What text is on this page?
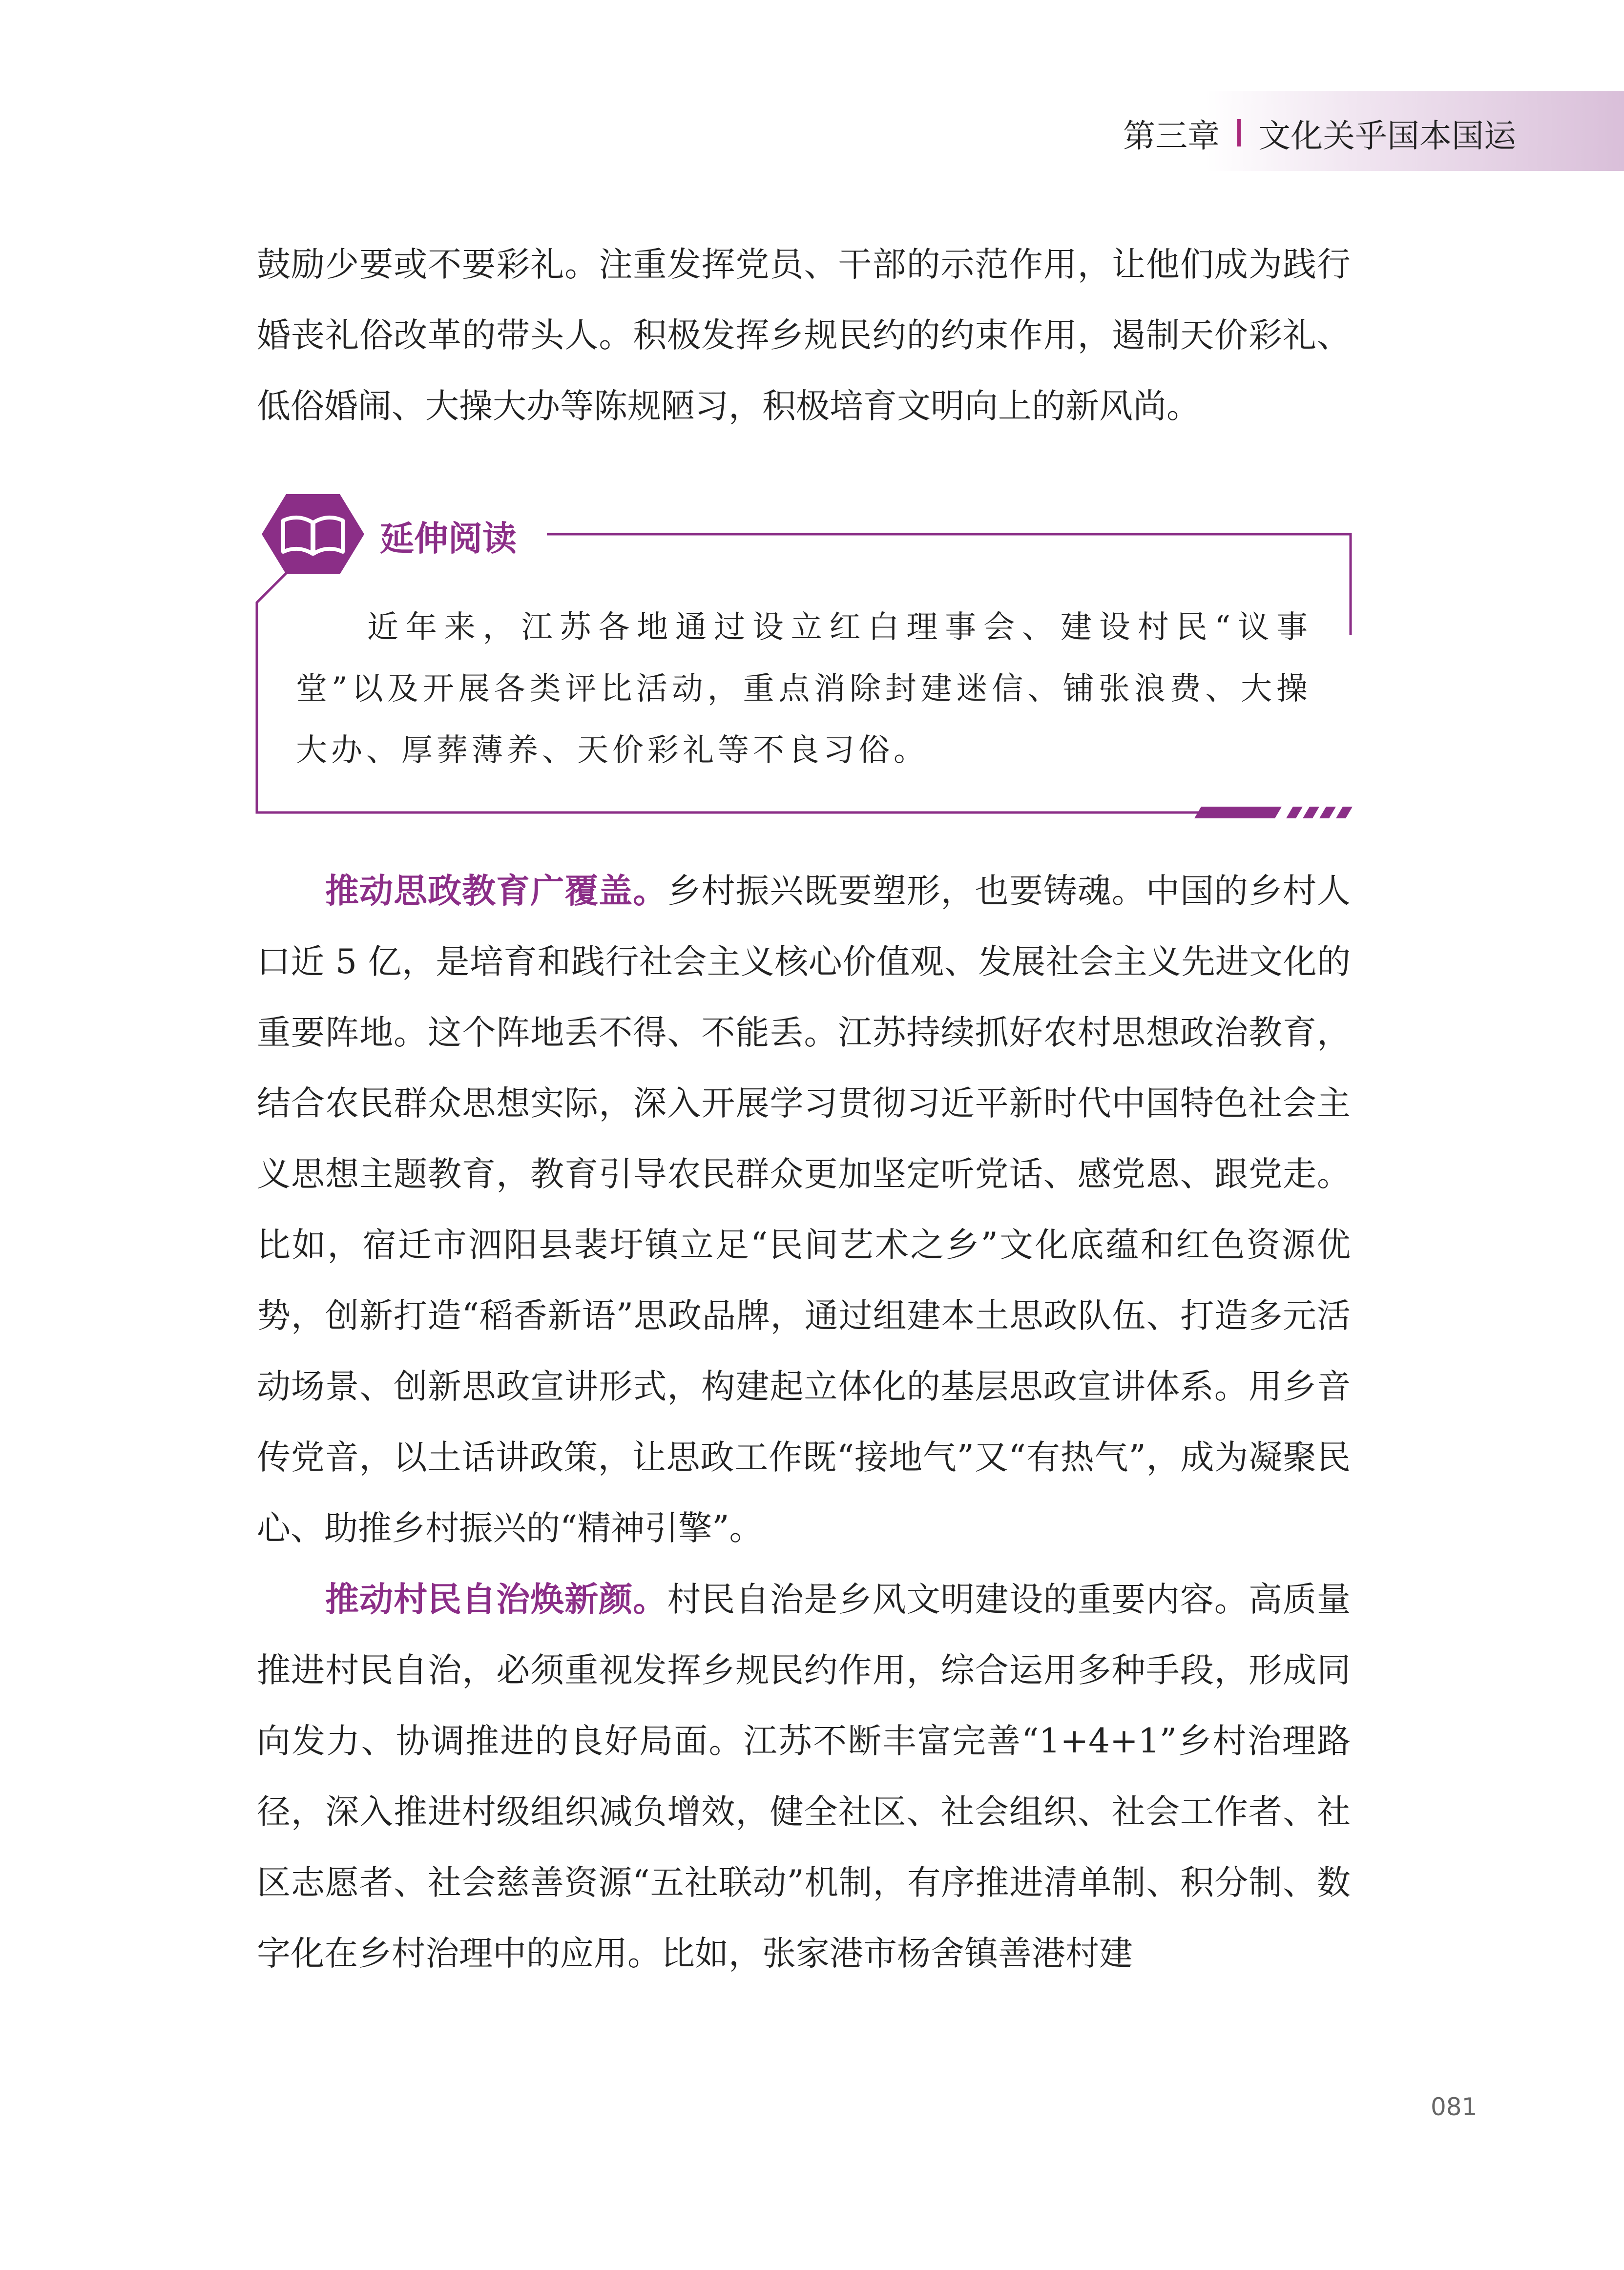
第三章 文化关乎国本国运

鼓励少要或不要彩礼。注重发挥党员、干部的示范作用，让他们成为践行婚丧礼俗改革的带头人。积极发挥乡规民约的约束作用，遏制天价彩礼、低俗婚闹、大操大办等陈规陋习，积极培育文明向上的新风尚。

延伸阅读

近年来，江苏各地通过设立红白理事会、建设村民“议事堂”以及开展各类评比活动，重点消除封建迷信、铺张浪费、大操大办、厚葬薄养、天价彩礼等不良习俗。

推动思政教育广覆盖。乡村振兴既要塑形，也要铸魂。中国的乡村人口近 5 亿，是培育和践行社会主义核心价值观、发展社会主义先进文化的重要阵地。这个阵地丢不得、不能丢。江苏持续抓好农村思想政治教育，结合农民群众思想实际，深入开展学习贯彻习近平新时代中国特色社会主义思想主题教育，教育引导农民群众更加坚定听党话、感党恩、跟党走。比如，宿迁市泗阳县裴圩镇立足“民间艺术之乡”文化底蕴和红色资源优势，创新打造“稻香新语”思政品牌，通过组建本土思政队伍、打造多元活动场景、创新思政宣讲形式，构建起立体化的基层思政宣讲体系。用乡音传党音，以土话讲政策，让思政工作既“接地气”又“有热气”，成为凝聚民心、助推乡村振兴的“精神引擎”。

推动村民自治焕新颜。村民自治是乡风文明建设的重要内容。高质量推进村民自治，必须重视发挥乡规民约作用，综合运用多种手段，形成同向发力、协调推进的良好局面。江苏不断丰富完善“1+4+1”乡村治理路径，深入推进村级组织减负增效，健全社区、社会组织、社会工作者、社区志愿者、社会慈善资源“五社联动”机制，有序推进清单制、积分制、数字化在乡村治理中的应用。比如，张家港市杨舍镇善港村建

081
